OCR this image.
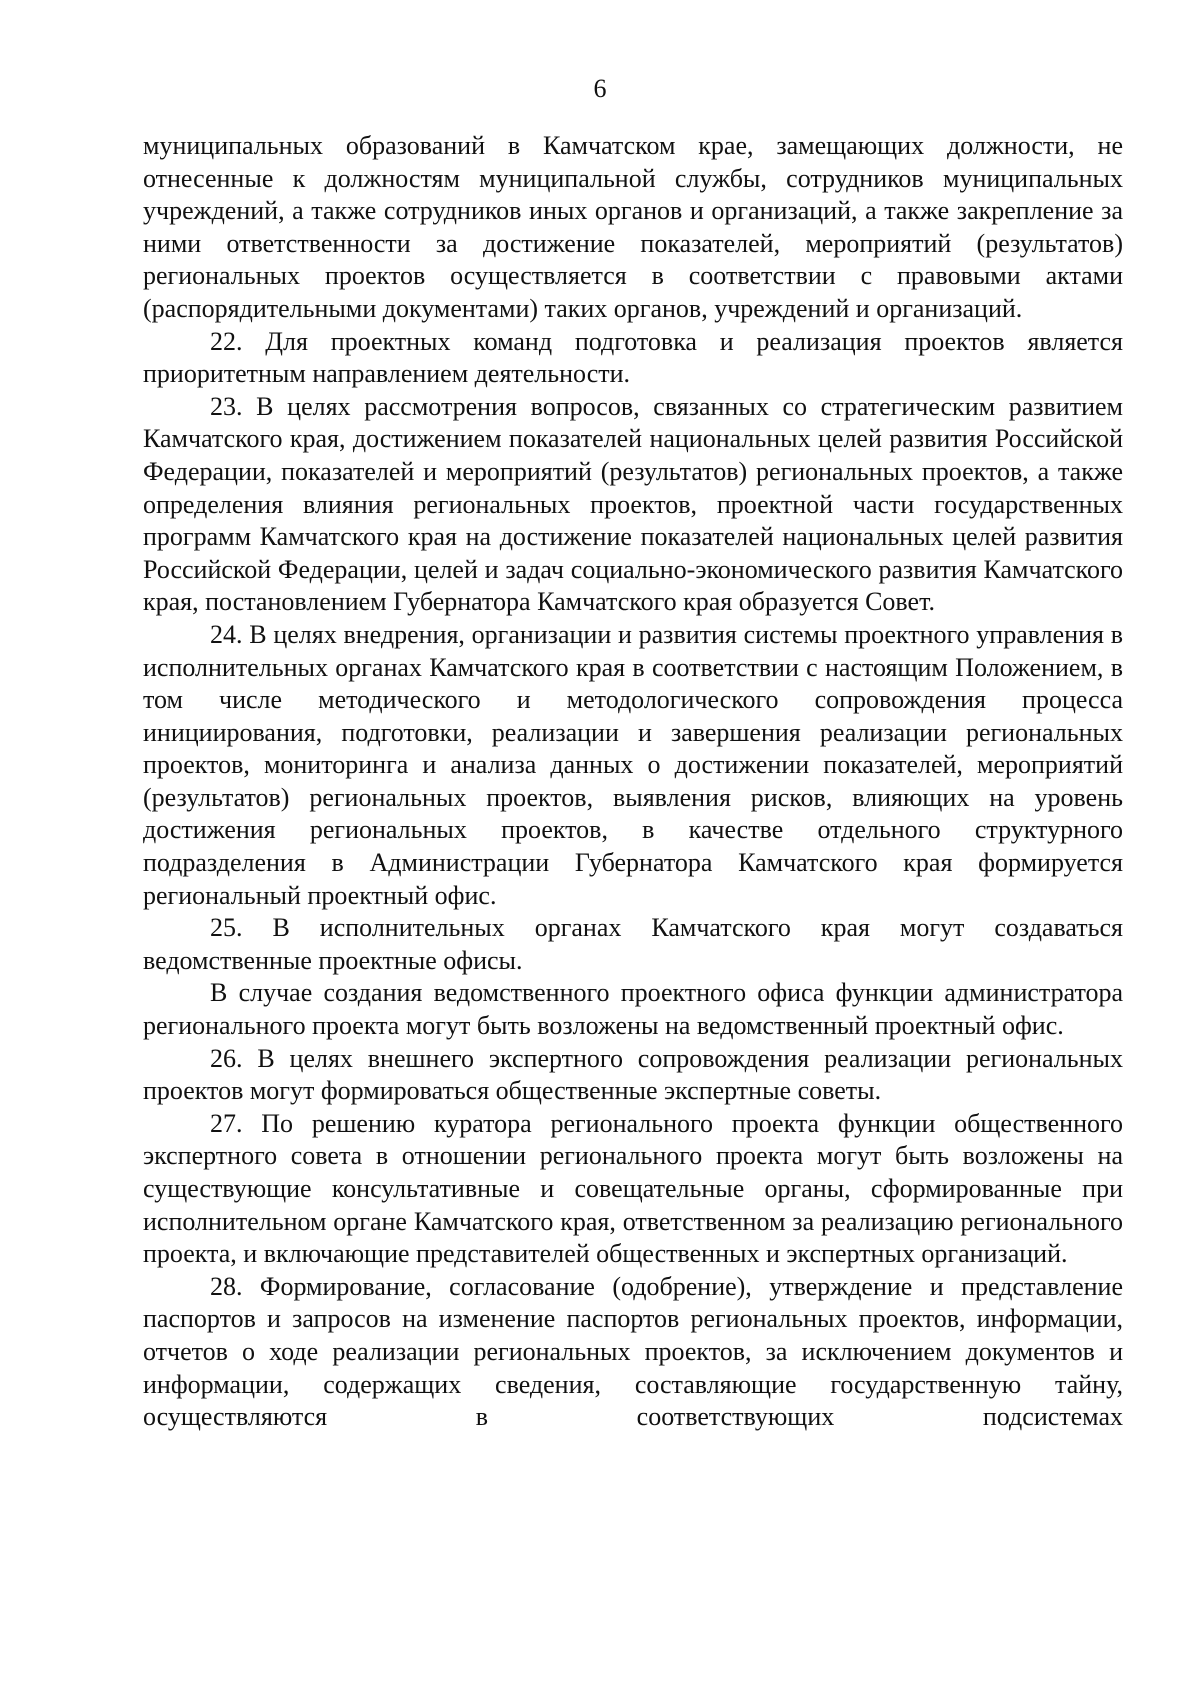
6

муниципальных образований в Камчатском крае, замещающих должности, не отнесенные к должностям муниципальной службы, сотрудников муниципальных учреждений, а также сотрудников иных органов и организаций, а также закрепление за ними ответственности за достижение показателей, мероприятий (результатов) региональных проектов осуществляется в соответствии с правовыми актами (распорядительными документами) таких органов, учреждений и организаций.

22. Для проектных команд подготовка и реализация проектов является приоритетным направлением деятельности.

23. В целях рассмотрения вопросов, связанных со стратегическим развитием Камчатского края, достижением показателей национальных целей развития Российской Федерации, показателей и мероприятий (результатов) региональных проектов, а также определения влияния региональных проектов, проектной части государственных программ Камчатского края на достижение показателей национальных целей развития Российской Федерации, целей и задач социально-экономического развития Камчатского края, постановлением Губернатора Камчатского края образуется Совет.

24. В целях внедрения, организации и развития системы проектного управления в исполнительных органах Камчатского края в соответствии с настоящим Положением, в том числе методического и методологического сопровождения процесса инициирования, подготовки, реализации и завершения реализации региональных проектов, мониторинга и анализа данных о достижении показателей, мероприятий (результатов) региональных проектов, выявления рисков, влияющих на уровень достижения региональных проектов, в качестве отдельного структурного подразделения в Администрации Губернатора Камчатского края формируется региональный проектный офис.

25. В исполнительных органах Камчатского края могут создаваться ведомственные проектные офисы.

В случае создания ведомственного проектного офиса функции администратора регионального проекта могут быть возложены на ведомственный проектный офис.

26. В целях внешнего экспертного сопровождения реализации региональных проектов могут формироваться общественные экспертные советы.

27. По решению куратора регионального проекта функции общественного экспертного совета в отношении регионального проекта могут быть возложены на существующие консультативные и совещательные органы, сформированные при исполнительном органе Камчатского края, ответственном за реализацию регионального проекта, и включающие представителей общественных и экспертных организаций.

28. Формирование, согласование (одобрение), утверждение и представление паспортов и запросов на изменение паспортов региональных проектов, информации, отчетов о ходе реализации региональных проектов, за исключением документов и информации, содержащих сведения, составляющие государственную тайну, осуществляются в соответствующих подсистемах
